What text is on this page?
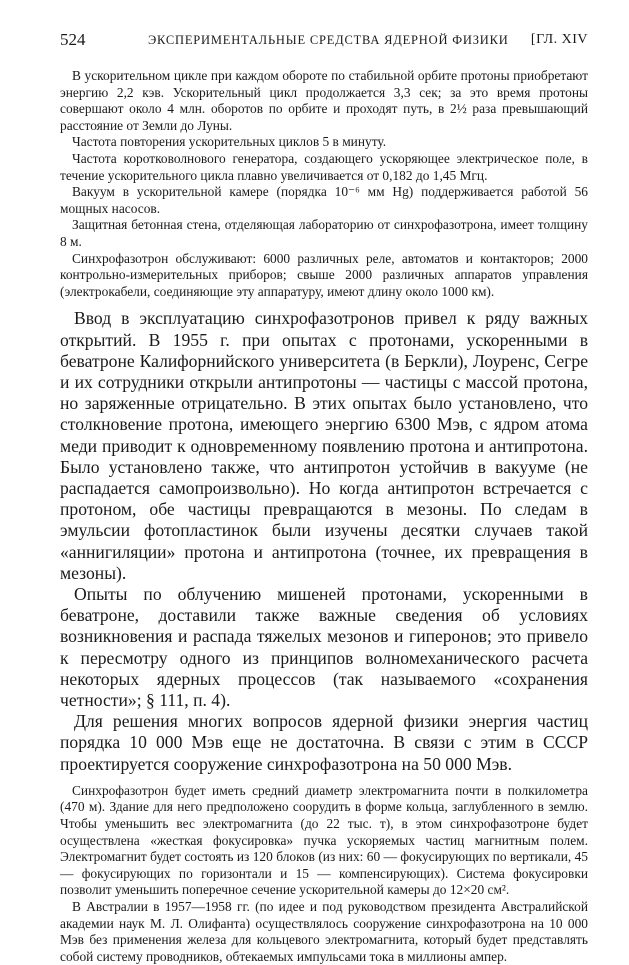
524	ЭКСПЕРИМЕНТАЛЬНЫЕ СРЕДСТВА ЯДЕРНОЙ ФИЗИКИ [ГЛ. XIV

В ускорительном цикле при каждом обороте по стабильной орбите протоны приобретают энергию 2,2 кэв. Ускорительный цикл продолжается 3,3 сек; за это время протоны совершают около 4 млн. оборотов по орбите и проходят путь, в 2½ раза превышающий расстояние от Земли до Луны.

Частота повторения ускорительных циклов 5 в минуту.

Частота коротковолнового генератора, создающего ускоряющее электрическое поле, в течение ускорительного цикла плавно увеличивается от 0,182 до 1,45 Мгц.

Вакуум в ускорительной камере (порядка 10⁻⁶ мм Hg) поддерживается работой 56 мощных насосов.

Защитная бетонная стена, отделяющая лабораторию от синхрофазотрона, имеет толщину 8 м.

Синхрофазотрон обслуживают: 6000 различных реле, автоматов и контакторов; 2000 контрольно-измерительных приборов; свыше 2000 различных аппаратов управления (электрокабели, соединяющие эту аппаратуру, имеют длину около 1000 км).

Ввод в эксплуатацию синхрофазотронов привел к ряду важных открытий. В 1955 г. при опытах с протонами, ускоренными в беватроне Калифорнийского университета (в Беркли), Лоуренс, Сегре и их сотрудники открыли антипротоны — частицы с массой протона, но заряженные отрицательно. В этих опытах было установлено, что столкновение протона, имеющего энергию 6300 Мэв, с ядром атома меди приводит к одновременному появлению протона и антипротона. Было установлено также, что антипротон устойчив в вакууме (не распадается самопроизвольно). Но когда антипротон встречается с протоном, обе частицы превращаются в мезоны. По следам в эмульсии фотопластинок были изучены десятки случаев такой «аннигиляции» протона и антипротона (точнее, их превращения в мезоны).

Опыты по облучению мишеней протонами, ускоренными в беватроне, доставили также важные сведения об условиях возникновения и распада тяжелых мезонов и гиперонов; это привело к пересмотру одного из принципов волномеханического расчета некоторых ядерных процессов (так называемого «сохранения четности»; § 111, п. 4).

Для решения многих вопросов ядерной физики энергия частиц порядка 10 000 Мэв еще не достаточна. В связи с этим в СССР проектируется сооружение синхрофазотрона на 50 000 Мэв.

Синхрофазотрон будет иметь средний диаметр электромагнита почти в полкилометра (470 м). Здание для него предположено соорудить в форме кольца, заглубленного в землю. Чтобы уменьшить вес электромагнита (до 22 тыс. т), в этом синхрофазотроне будет осуществлена «жесткая фокусировка» пучка ускоряемых частиц магнитным полем. Электромагнит будет состоять из 120 блоков (из них: 60 — фокусирующих по вертикали, 45 — фокусирующих по горизонтали и 15 — компенсирующих). Система фокусировки позволит уменьшить поперечное сечение ускорительной камеры до 12×20 см².

В Австралии в 1957—1958 гг. (по идее и под руководством президента Австралийской академии наук М. Л. Олифанта) осуществлялось сооружение синхрофазотрона на 10 000 Мэв без применения железа для кольцевого электромагнита, который будет представлять собой систему проводников, обтекаемых импульсами тока в миллионы ампер.
